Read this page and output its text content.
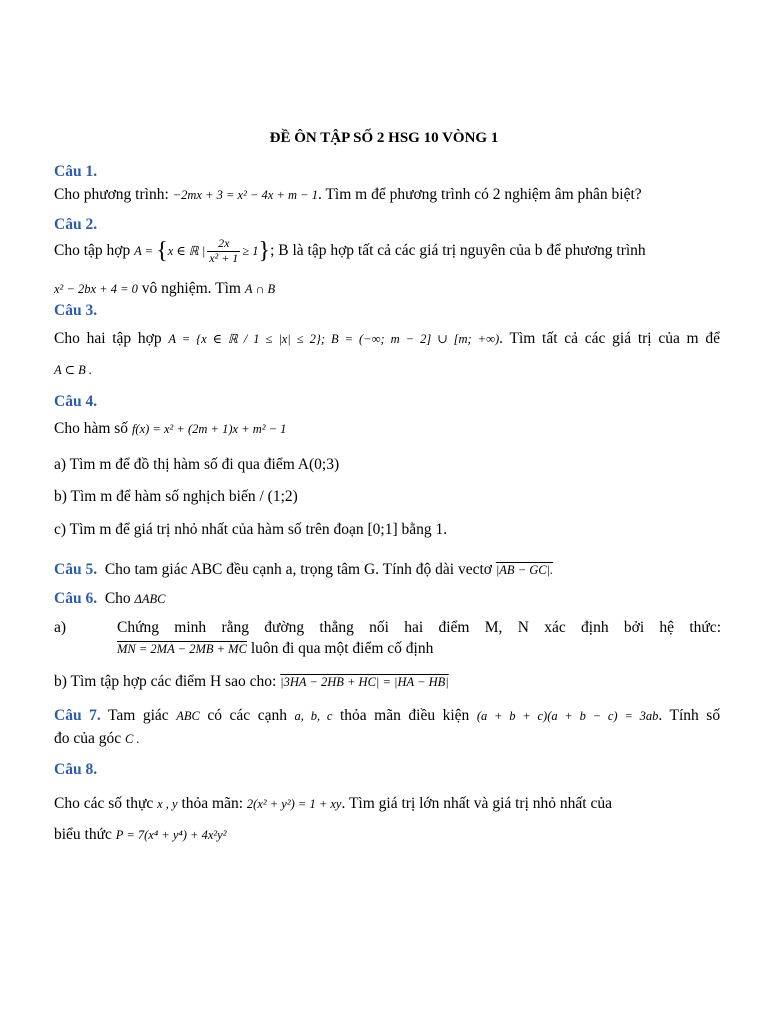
ĐỀ ÔN TẬP SỐ 2 HSG 10 VÒNG 1
Câu 1.
Cho phương trình: −2mx + 3 = x² − 4x + m − 1. Tìm m để phương trình có 2 nghiệm âm phân biệt?
Câu 2.
Cho tập hợp A = {x ∈ ℝ | $\frac{2x}{\text{x² + 1}} \ge 1$}; B là tập hợp tất cả các giá trị nguyên của b để phương trình
x² − 2bx + 4 = 0 vô nghiệm. Tìm A ∩ B
Câu 3.
Cho hai tập hợp A = {x ∈ ℝ / 1 ≤ |x| ≤ 2}; B = (−∞; m − 2] ∪ [m; +∞). Tìm tất cả các giá trị của m để
A ⊂ B .
Câu 4.
Cho hàm số f(x) = x² + (2m + 1)x + m² − 1
a) Tìm m để đồ thị hàm số đi qua điểm A(0;3)
b) Tìm m để hàm số nghịch biến / (1;2)
c) Tìm m để giá trị nhỏ nhất của hàm số trên đoạn [0;1] bằng 1.
Câu 5. Cho tam giác ABC đều cạnh a, trọng tâm G. Tính độ dài vectơ |AB − GC|.
Câu 6. Cho ΔABC
a)	Chứng minh rằng đường thẳng nối hai điểm M, N xác định bởi hệ thức:
MN = 2MA − 2MB + MC luôn đi qua một điểm cố định
b) Tìm tập hợp các điểm H sao cho: |3HA − 2HB + HC| = |HA − HB|
Câu 7. Tam giác ABC có các cạnh a, b, c thỏa mãn điều kiện (a + b + c)(a + b − c) = 3ab. Tính số
đo của góc C .
Câu 8.
Cho các số thực x , y thỏa mãn: 2(x² + y²) = 1 + xy. Tìm giá trị lớn nhất và giá trị nhỏ nhất của
biểu thức P = 7(x⁴ + y⁴) + 4x²y²
